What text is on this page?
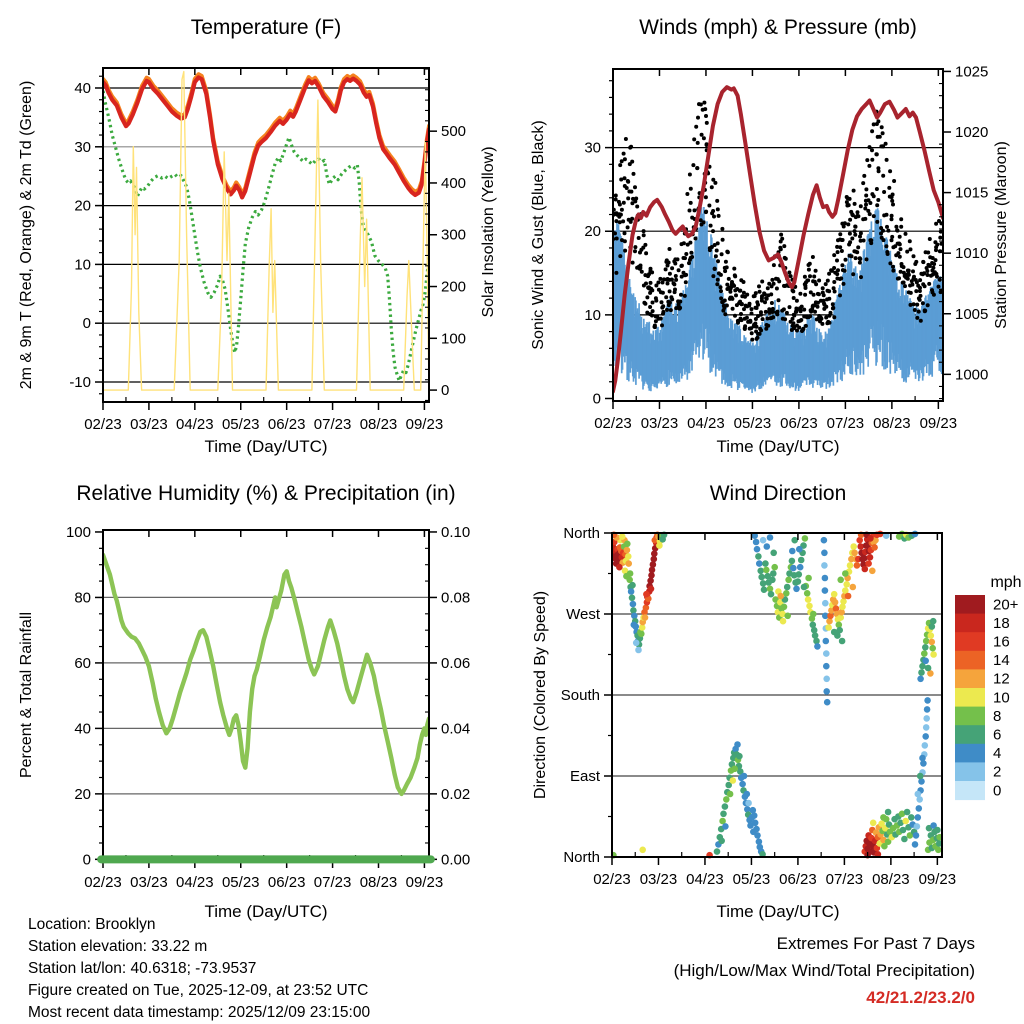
Temperature (F)
2m & 9m T (Red, Orange) & 2m Td (Green)	Solar Insolation (Yellow)
Time (Day/UTC)
-10
0
10
20
30
40
0
100
200
300
400
500
02/23 03/23 04/23 05/23 06/23 07/23 08/23 09/23
Winds (mph) & Pressure (mb)
Sonic Wind & Gust (Blue, Black)	Station Pressure (Maroon)
Time (Day/UTC)
0
10
20
30
1000
1005
1010
1015
1020
1025
02/23 03/23 04/23 05/23 06/23 07/23 08/23 09/23
Relative Humidity (%) & Precipitation (in)
Percent & Total Rainfall
Time (Day/UTC)
0
20
40
60
80
100
0.00
0.02
0.04
0.06
0.08
0.10
02/23 03/23 04/23 05/23 06/23 07/23 08/23 09/23
Wind Direction
Direction (Colored By Speed)
Time (Day/UTC)
North
West
South
East
North
02/23 03/23 04/23 05/23 06/23 07/23 08/23 09/23
mph
20+
18
16
14
12
10
8
6
4
2
0
Location: Brooklyn
Station elevation: 33.22 m
Station lat/lon: 40.6318; -73.9537
Figure created on Tue, 2025-12-09, at 23:52 UTC
Most recent data timestamp: 2025/12/09 23:15:00
Extremes For Past 7 Days
(High/Low/Max Wind/Total Precipitation)
42/21.2/23.2/0
